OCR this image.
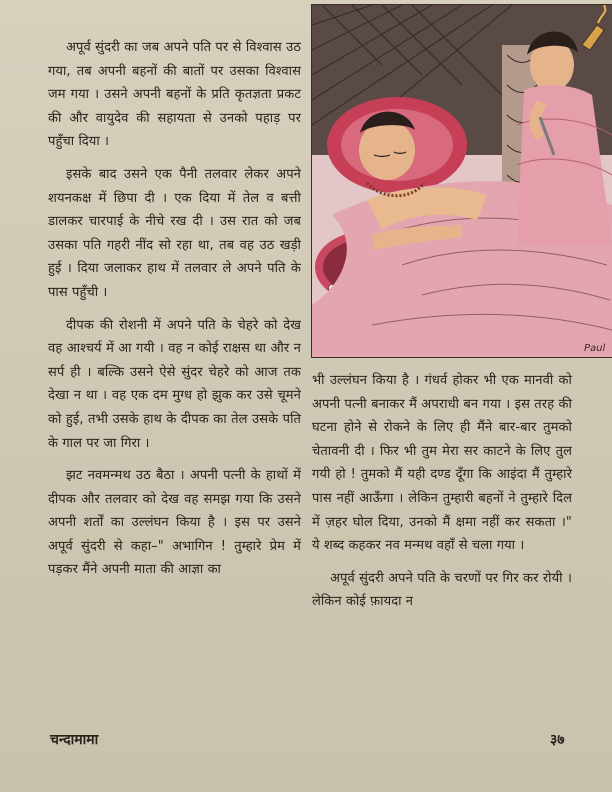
अपूर्व सुंदरी का जब अपने पति पर से विश्वास उठ गया, तब अपनी बहनों की बातों पर उसका विश्वास जम गया । उसने अपनी बहनों के प्रति कृतज्ञता प्रकट की और वायुदेव की सहायता से उनको पहाड़ पर पहुँचा दिया ।

इसके बाद उसने एक पैनी तलवार लेकर अपने शयनकक्ष में छिपा दी । एक दिया में तेल व बत्ती डालकर चारपाई के नीचे रख दी । उस रात को जब उसका पति गहरी नींद सो रहा था, तब वह उठ खड़ी हुई । दिया जलाकर हाथ में तलवार ले अपने पति के पास पहुँची ।

दीपक की रोशनी में अपने पति के चेहरे को देख वह आश्चर्य में आ गयी । वह न कोई राक्षस था और न सर्प ही । बल्कि उसने ऐसे सुंदर चेहरे को आज तक देखा न था । वह एक दम मुग्ध हो झुक कर उसे चूमने को हुई, तभी उसके हाथ के दीपक का तेल उसके पति के गाल पर जा गिरा ।

झट नवमन्मथ उठ बैठा । अपनी पत्नी के हाथों में दीपक और तलवार को देख वह समझ गया कि उसने अपनी शर्तों का उल्लंघन किया है । इस पर उसने अपूर्व सुंदरी से कहा–" अभागिन ! तुम्हारे प्रेम में पड़कर मैंने अपनी माता की आज्ञा का

Paul

भी उल्लंघन किया है । गंधर्व होकर भी एक मानवी को अपनी पत्नी बनाकर मैं अपराधी बन गया । इस तरह की घटना होने से रोकने के लिए ही मैंने बार-बार तुमको चेतावनी दी । फिर भी तुम मेरा सर काटने के लिए तुल गयी हो ! तुमको मैं यही दण्ड दूँगा कि आइंदा मैं तुम्हारे पास नहीं आऊँगा । लेकिन तुम्हारी बहनों ने तुम्हारे दिल में ज़हर घोल दिया, उनको मैं क्षमा नहीं कर सकता ।" ये शब्द कहकर नव मन्मथ वहाँ से चला गया ।

अपूर्व सुंदरी अपने पति के चरणों पर गिर कर रोयी । लेकिन कोई फ़ायदा न

चन्दामामा	३७
